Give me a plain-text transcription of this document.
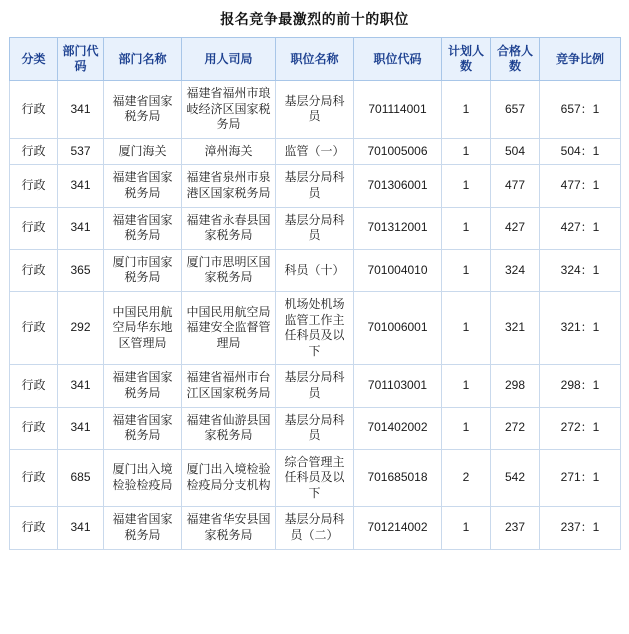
报名竞争最激烈的前十的职位
分类	部门代码	部门名称	用人司局	职位名称	职位代码	计划人数	合格人数	竞争比例
行政	341	福建省国家税务局	福建省福州市琅岐经济区国家税务局	基层分局科员	701114001	1	657	657：1
行政	537	厦门海关	漳州海关	监管（一）	701005006	1	504	504：1
行政	341	福建省国家税务局	福建省泉州市泉港区国家税务局	基层分局科员	701306001	1	477	477：1
行政	341	福建省国家税务局	福建省永春县国家税务局	基层分局科员	701312001	1	427	427：1
行政	365	厦门市国家税务局	厦门市思明区国家税务局	科员（十）	701004010	1	324	324：1
行政	292	中国民用航空局华东地区管理局	中国民用航空局福建安全监督管理局	机场处机场监管工作主任科员及以下	701006001	1	321	321：1
行政	341	福建省国家税务局	福建省福州市台江区国家税务局	基层分局科员	701103001	1	298	298：1
行政	341	福建省国家税务局	福建省仙游县国家税务局	基层分局科员	701402002	1	272	272：1
行政	685	厦门出入境检验检疫局	厦门出入境检验检疫局分支机构	综合管理主任科员及以下	701685018	2	542	271：1
行政	341	福建省国家税务局	福建省华安县国家税务局	基层分局科员（二）	701214002	1	237	237：1
